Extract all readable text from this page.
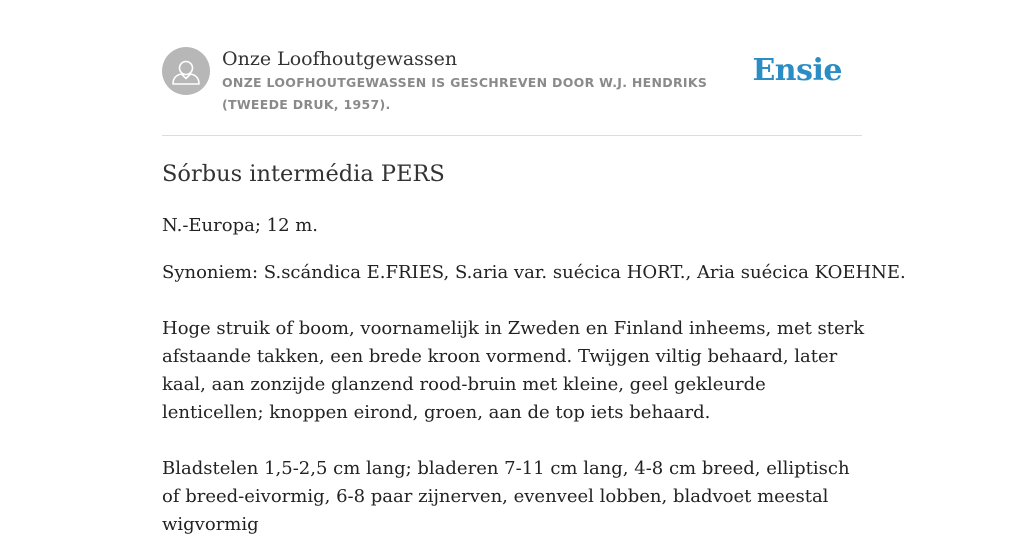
Onze Loofhoutgewassen
ONZE LOOFHOUTGEWASSEN IS GESCHREVEN DOOR W.J. HENDRIKS (TWEEDE DRUK, 1957).
Ensie
Sórbus intermédia PERS

N.-Europa; 12 m.

Synoniem: S.scándica E.FRIES, S.aria var. suécica HORT., Aria suécica KOEHNE.

Hoge struik of boom, voornamelijk in Zweden en Finland inheems, met sterk afstaande takken, een brede kroon vormend. Twijgen viltig behaard, later kaal, aan zonzijde glanzend rood-bruin met kleine, geel gekleurde lenticellen; knoppen eirond, groen, aan de top iets behaard.

Bladstelen 1,5-2,5 cm lang; bladeren 7-11 cm lang, 4-8 cm breed, elliptisch of breed-eivormig, 6-8 paar zijnerven, evenveel lobben, bladvoet meestal wigvormig
